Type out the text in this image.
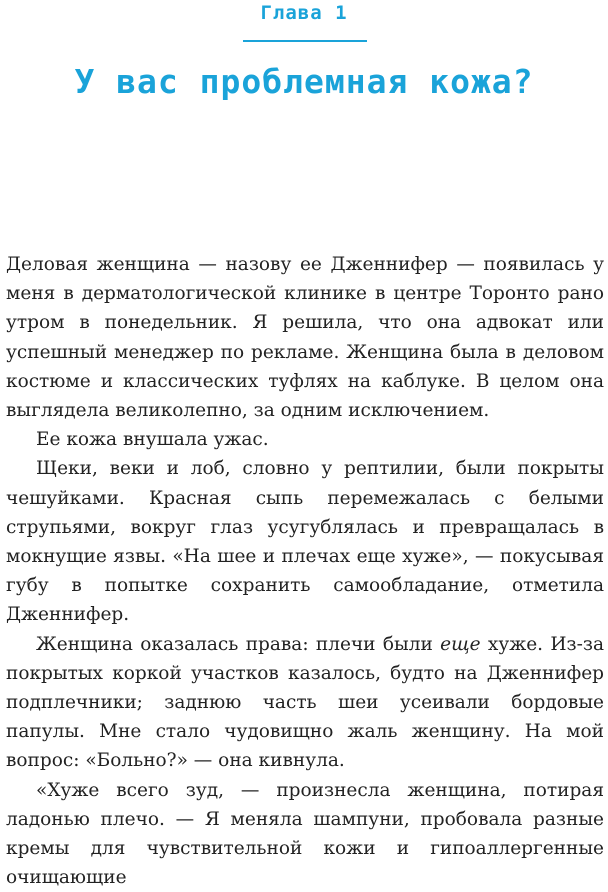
Глава 1
У вас проблемная кожа?

Деловая женщина — назову ее Дженнифер — появилась у меня в дерматологической клинике в центре Торонто рано утром в понедельник. Я решила, что она адвокат или успешный менеджер по рекламе. Женщина была в деловом костюме и классических туфлях на каблуке. В целом она выглядела великолепно, за одним исключением.

Ее кожа внушала ужас.

Щеки, веки и лоб, словно у рептилии, были покрыты чешуйками. Красная сыпь перемежалась с белыми струпьями, вокруг глаз усугублялась и превращалась в мокнущие язвы. «На шее и плечах еще хуже», — покусывая губу в попытке сохранить самообладание, отметила Дженнифер.

Женщина оказалась права: плечи были еще хуже. Из-за покрытых коркой участков казалось, будто на Дженнифер подплечники; заднюю часть шеи усеивали бордовые папулы. Мне стало чудовищно жаль женщину. На мой вопрос: «Больно?» — она кивнула.

«Хуже всего зуд, — произнесла женщина, потирая ладонью плечо. — Я меняла шампуни, пробовала разные кремы для чувствительной кожи и гипоаллергенные очищающие
